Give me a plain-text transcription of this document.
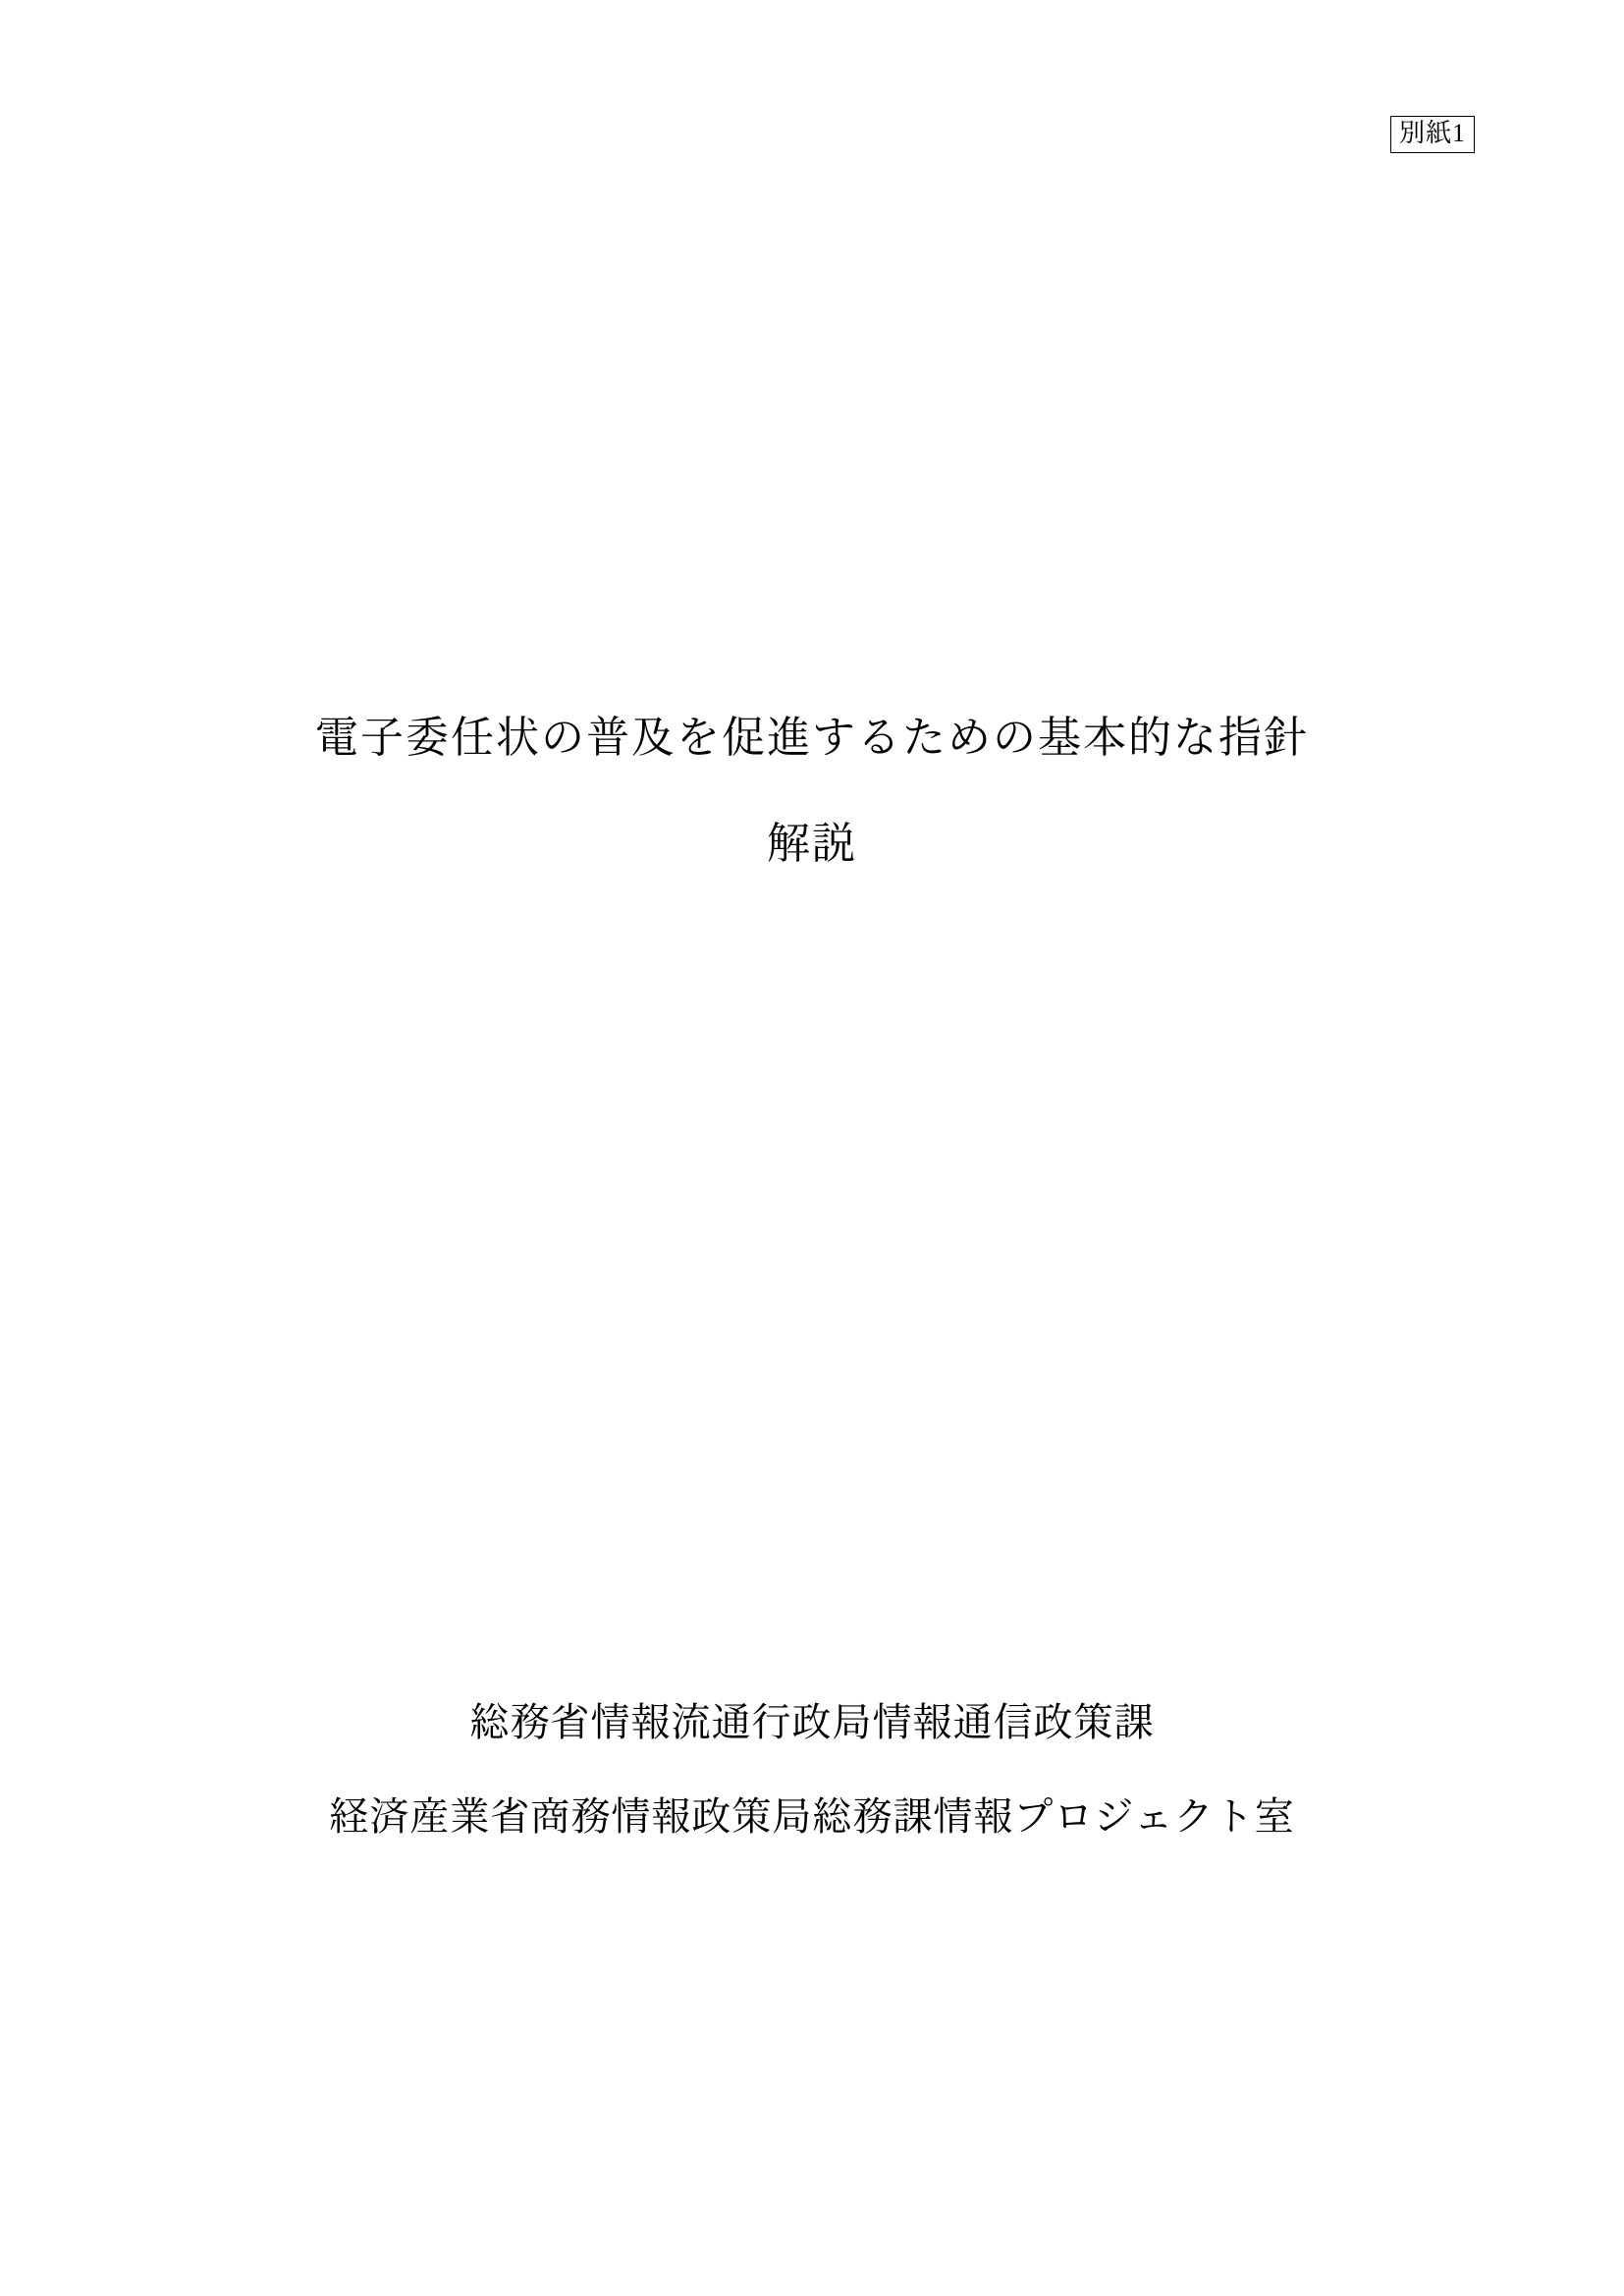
別紙1
電子委任状の普及を促進するための基本的な指針
解説
総務省情報流通行政局情報通信政策課
経済産業省商務情報政策局総務課情報プロジェクト室
